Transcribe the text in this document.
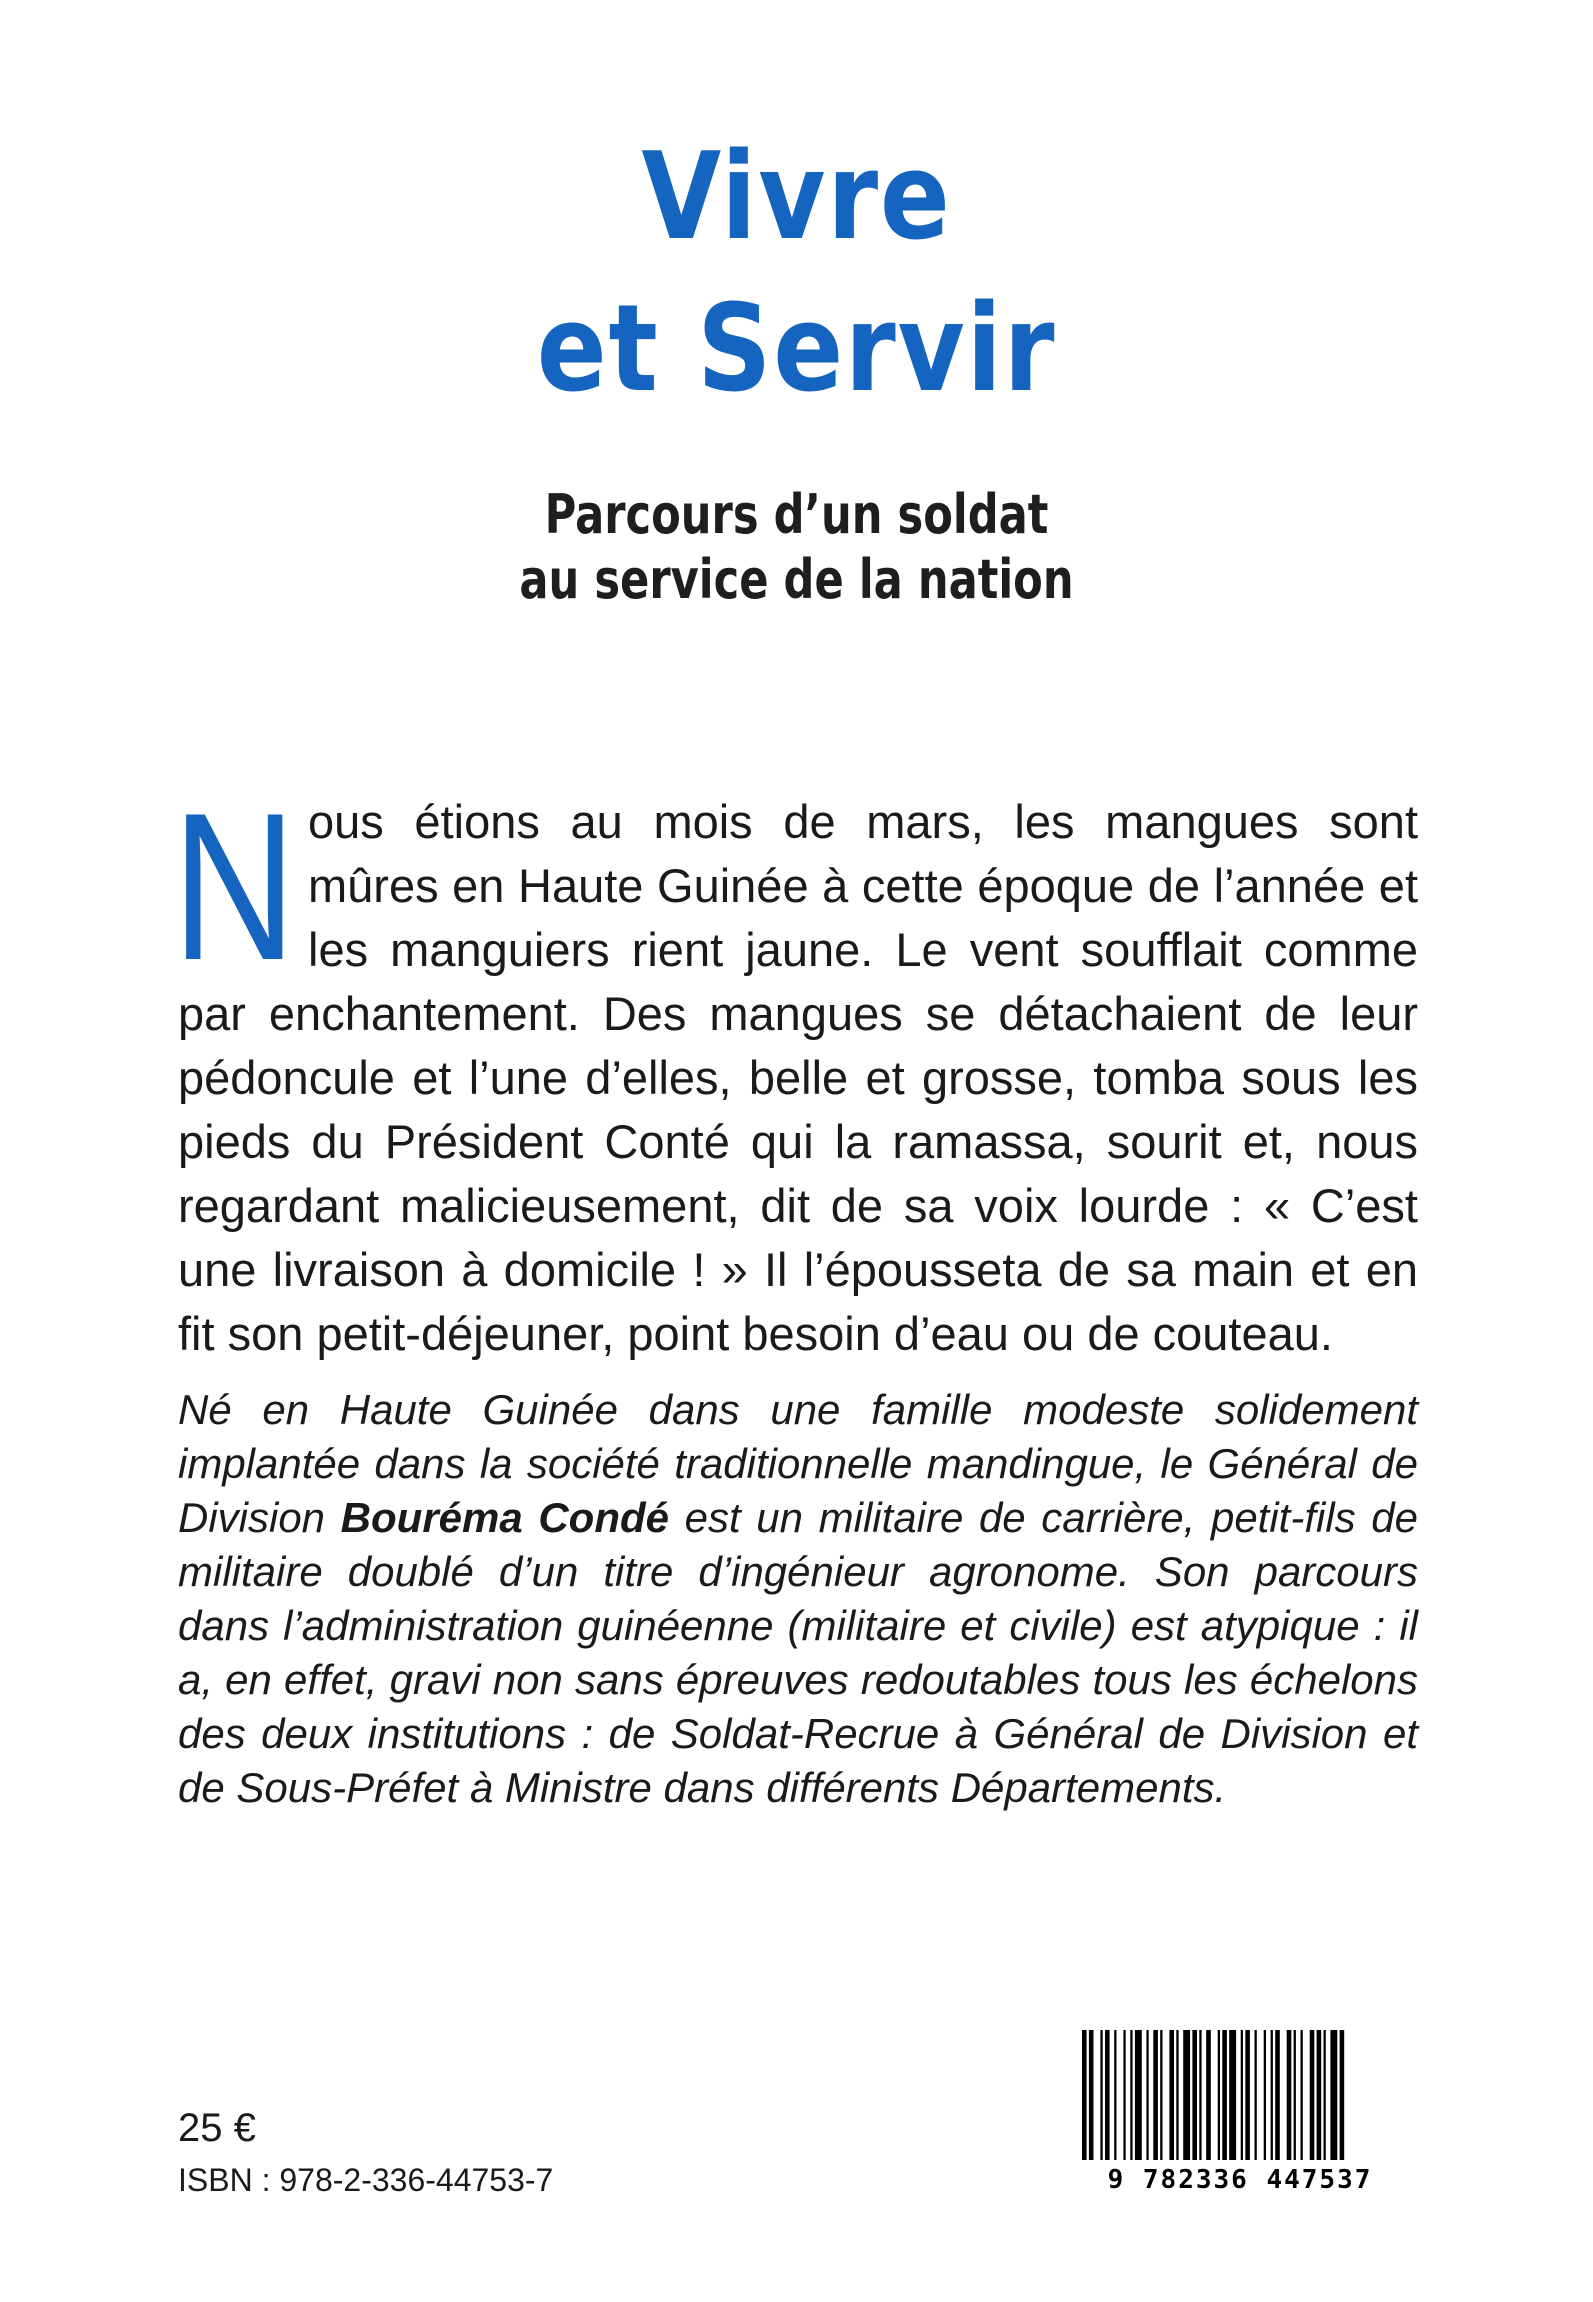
Vivre
et Servir
Parcours d’un soldat
au service de la nation
Nous étions au mois de mars, les mangues sont mûres en Haute Guinée à cette époque de l’année et les manguiers rient jaune. Le vent soufflait comme par enchantement. Des mangues se détachaient de leur pédoncule et l’une d’elles, belle et grosse, tomba sous les pieds du Président Conté qui la ramassa, sourit et, nous regardant malicieusement, dit de sa voix lourde : « C’est une livraison à domicile ! » Il l’épousseta de sa main et en fit son petit-déjeuner, point besoin d’eau ou de couteau.
Né en Haute Guinée dans une famille modeste solidement implantée dans la société traditionnelle mandingue, le Général de Division Bouréma Condé est un militaire de carrière, petit-fils de militaire doublé d’un titre d’ingénieur agronome. Son parcours dans l’administration guinéenne (militaire et civile) est atypique : il a, en effet, gravi non sans épreuves redoutables tous les échelons des deux institutions : de Soldat-Recrue à Général de Division et de Sous-Préfet à Ministre dans différents Départements.
25 €
ISBN : 978-2-336-44753-7	9 782336 447537
